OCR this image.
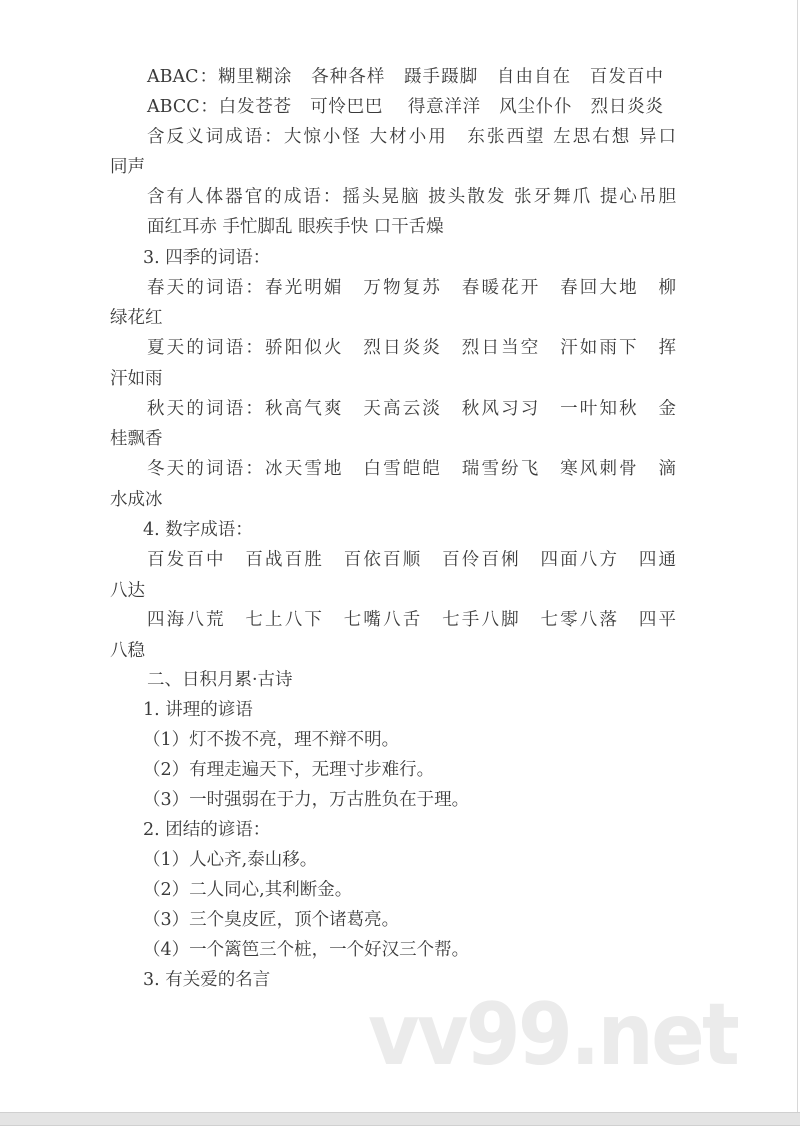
ABAC：糊里糊涂　各种各样　蹑手蹑脚　自由自在　百发百中
ABCC：白发苍苍　可怜巴巴　 得意洋洋　风尘仆仆　烈日炎炎
含反义词成语：大惊小怪 大材小用　东张西望 左思右想 异口
同声
含有人体器官的成语：摇头晃脑 披头散发 张牙舞爪 提心吊胆
面红耳赤 手忙脚乱 眼疾手快 口干舌燥
3. 四季的词语：
春天的词语：春光明媚　万物复苏　春暖花开　春回大地　柳
绿花红
夏天的词语：骄阳似火　烈日炎炎　烈日当空　汗如雨下　挥
汗如雨
秋天的词语：秋高气爽　天高云淡　秋风习习　一叶知秋　金
桂飘香
冬天的词语：冰天雪地　白雪皑皑　瑞雪纷飞　寒风刺骨　滴
水成冰
4. 数字成语：
百发百中　百战百胜　百依百顺　百伶百俐　四面八方　四通
八达
四海八荒　七上八下　七嘴八舌　七手八脚　七零八落　四平
八稳
二、日积月累·古诗
1. 讲理的谚语
（1）灯不拨不亮，理不辩不明。
（2）有理走遍天下，无理寸步难行。
（3）一时强弱在于力，万古胜负在于理。
2. 团结的谚语：
（1）人心齐,泰山移。
（2）二人同心,其利断金。
（3）三个臭皮匠，顶个诸葛亮。
（4）一个篱笆三个桩，一个好汉三个帮。
3. 有关爱的名言
vv99.net
